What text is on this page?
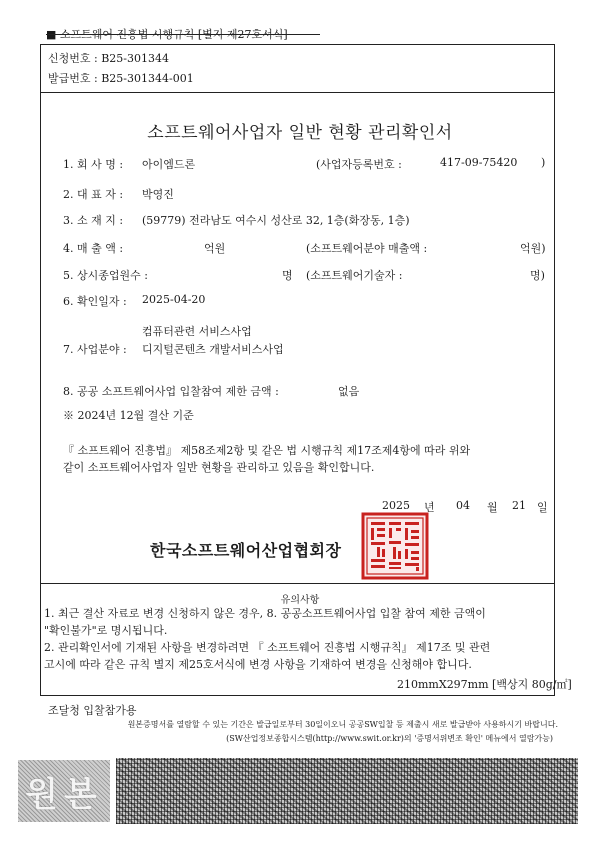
■ 소프트웨어 진흥법 시행규칙 [별지 제27호서식]
신청번호 : B25-301344
발급번호 : B25-301344-001
소프트웨어사업자 일반 현황 관리확인서
1. 회 사 명 : 아이엠드론	(사업자등록번호 :	417-09-75420 )
2. 대 표 자 : 박영진
3. 소 재 지 : (59779) 전라남도 여수시 성산로 32, 1층(화장동, 1층)
4. 매 출 액 :	억원	(소프트웨어분야 매출액 :	억원)
5. 상시종업원수 :	명 (소프트웨어기술자 :	명)
6. 확인일자 : 2025-04-20
컴퓨터관련 서비스사업
7. 사업분야 : 디지털콘텐츠 개발서비스사업
8. 공공 소프트웨어사업 입찰참여 제한 금액 :	없음
※ 2024년 12월 결산 기준
『 소프트웨어 진흥법』 제58조제2항 및 같은 법 시행규칙 제17조제4항에 따라 위와
같이 소프트웨어사업자 일반 현황을 관리하고 있음을 확인합니다.
2025 년 04 월 21 일
한국소프트웨어산업협회장
유의사항
1. 최근 결산 자료로 변경 신청하지 않은 경우, 8. 공공소프트웨어사업 입찰 참여 제한 금액이
"확인불가"로 명시됩니다.
2. 관리확인서에 기재된 사항을 변경하려면 『 소프트웨어 진흥법 시행규칙』 제17조 및 관련
고시에 따라 같은 규칙 별지 제25호서식에 변경 사항을 기재하여 변경을 신청해야 합니다.
210mmX297mm [백상지 80g/㎡]
조달청 입찰참가용
원본증명서를 열람할 수 있는 기간은 발급일로부터 30일이오니 공공SW입찰 등 제출시 새로 발급받아 사용하시기 바랍니다.
(SW산업정보종합시스템(http://www.swit.or.kr)의 '증명서위변조 확인' 메뉴에서 열람가능)
원본
